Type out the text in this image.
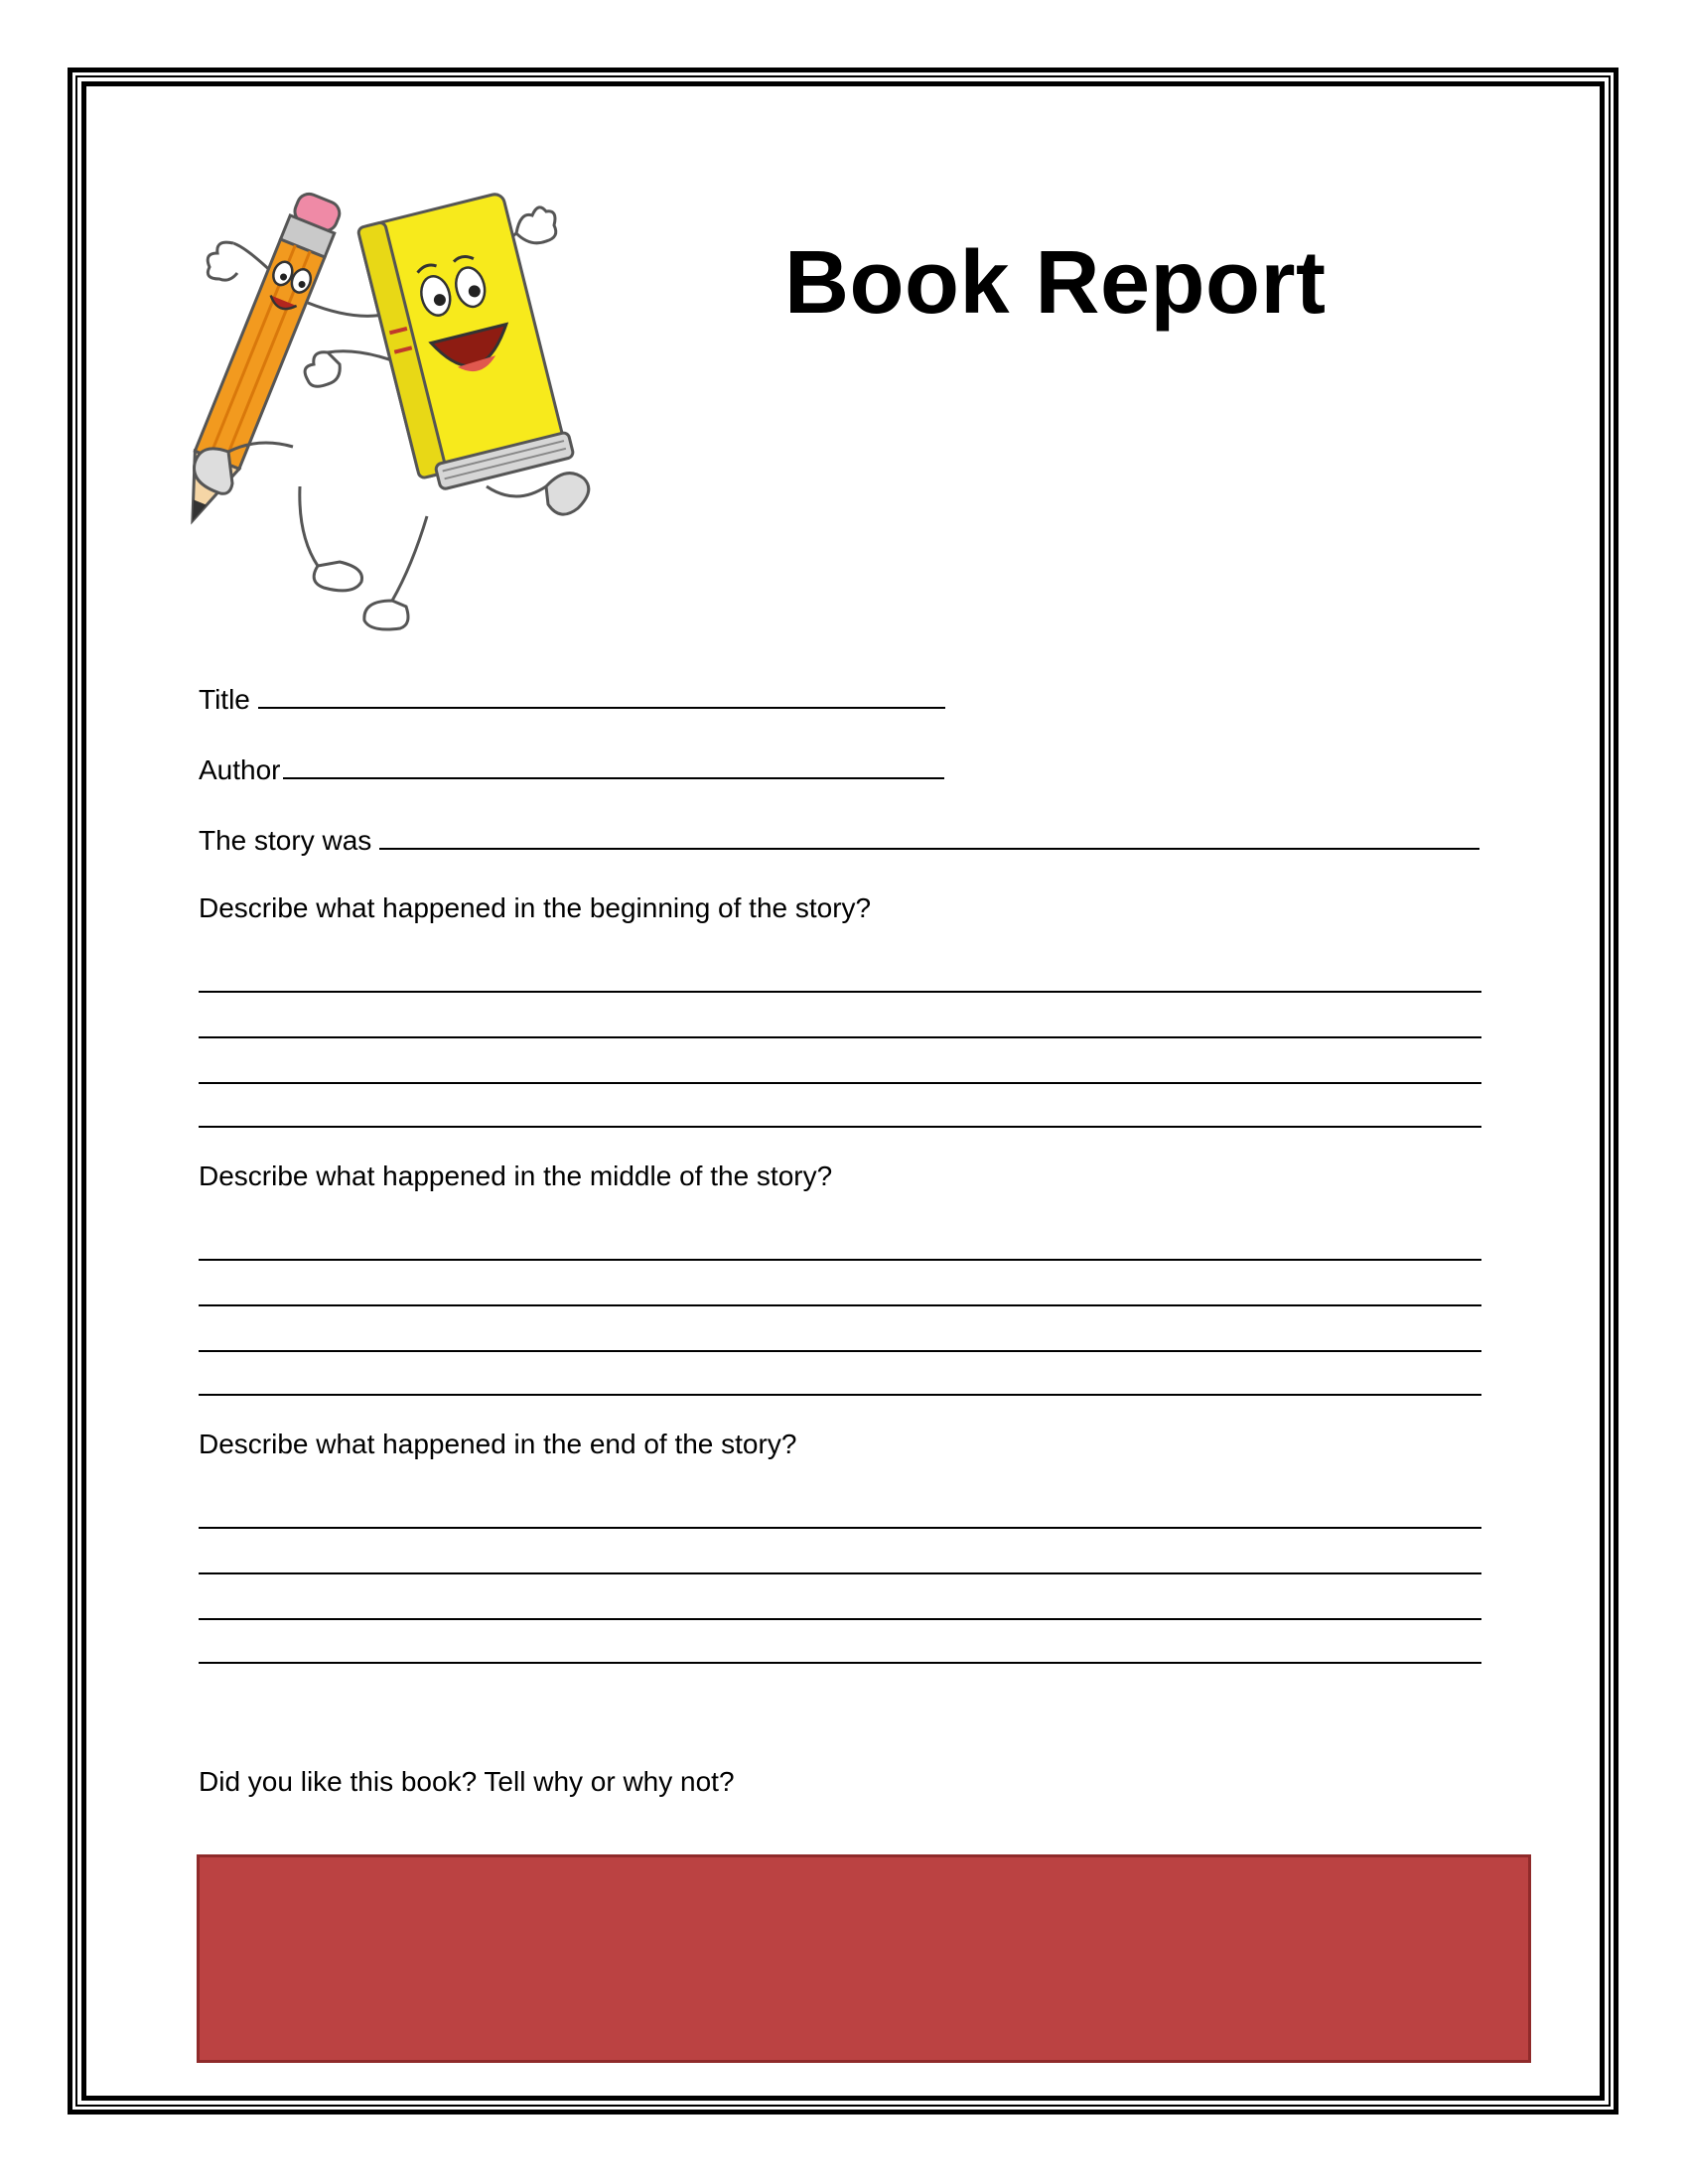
Book Report
Title
Author
The story was
Describe what happened in the beginning of the story?
Describe what happened in the middle of the story?
Describe what happened in the end of the story?
Did you like this book? Tell why or why not?
